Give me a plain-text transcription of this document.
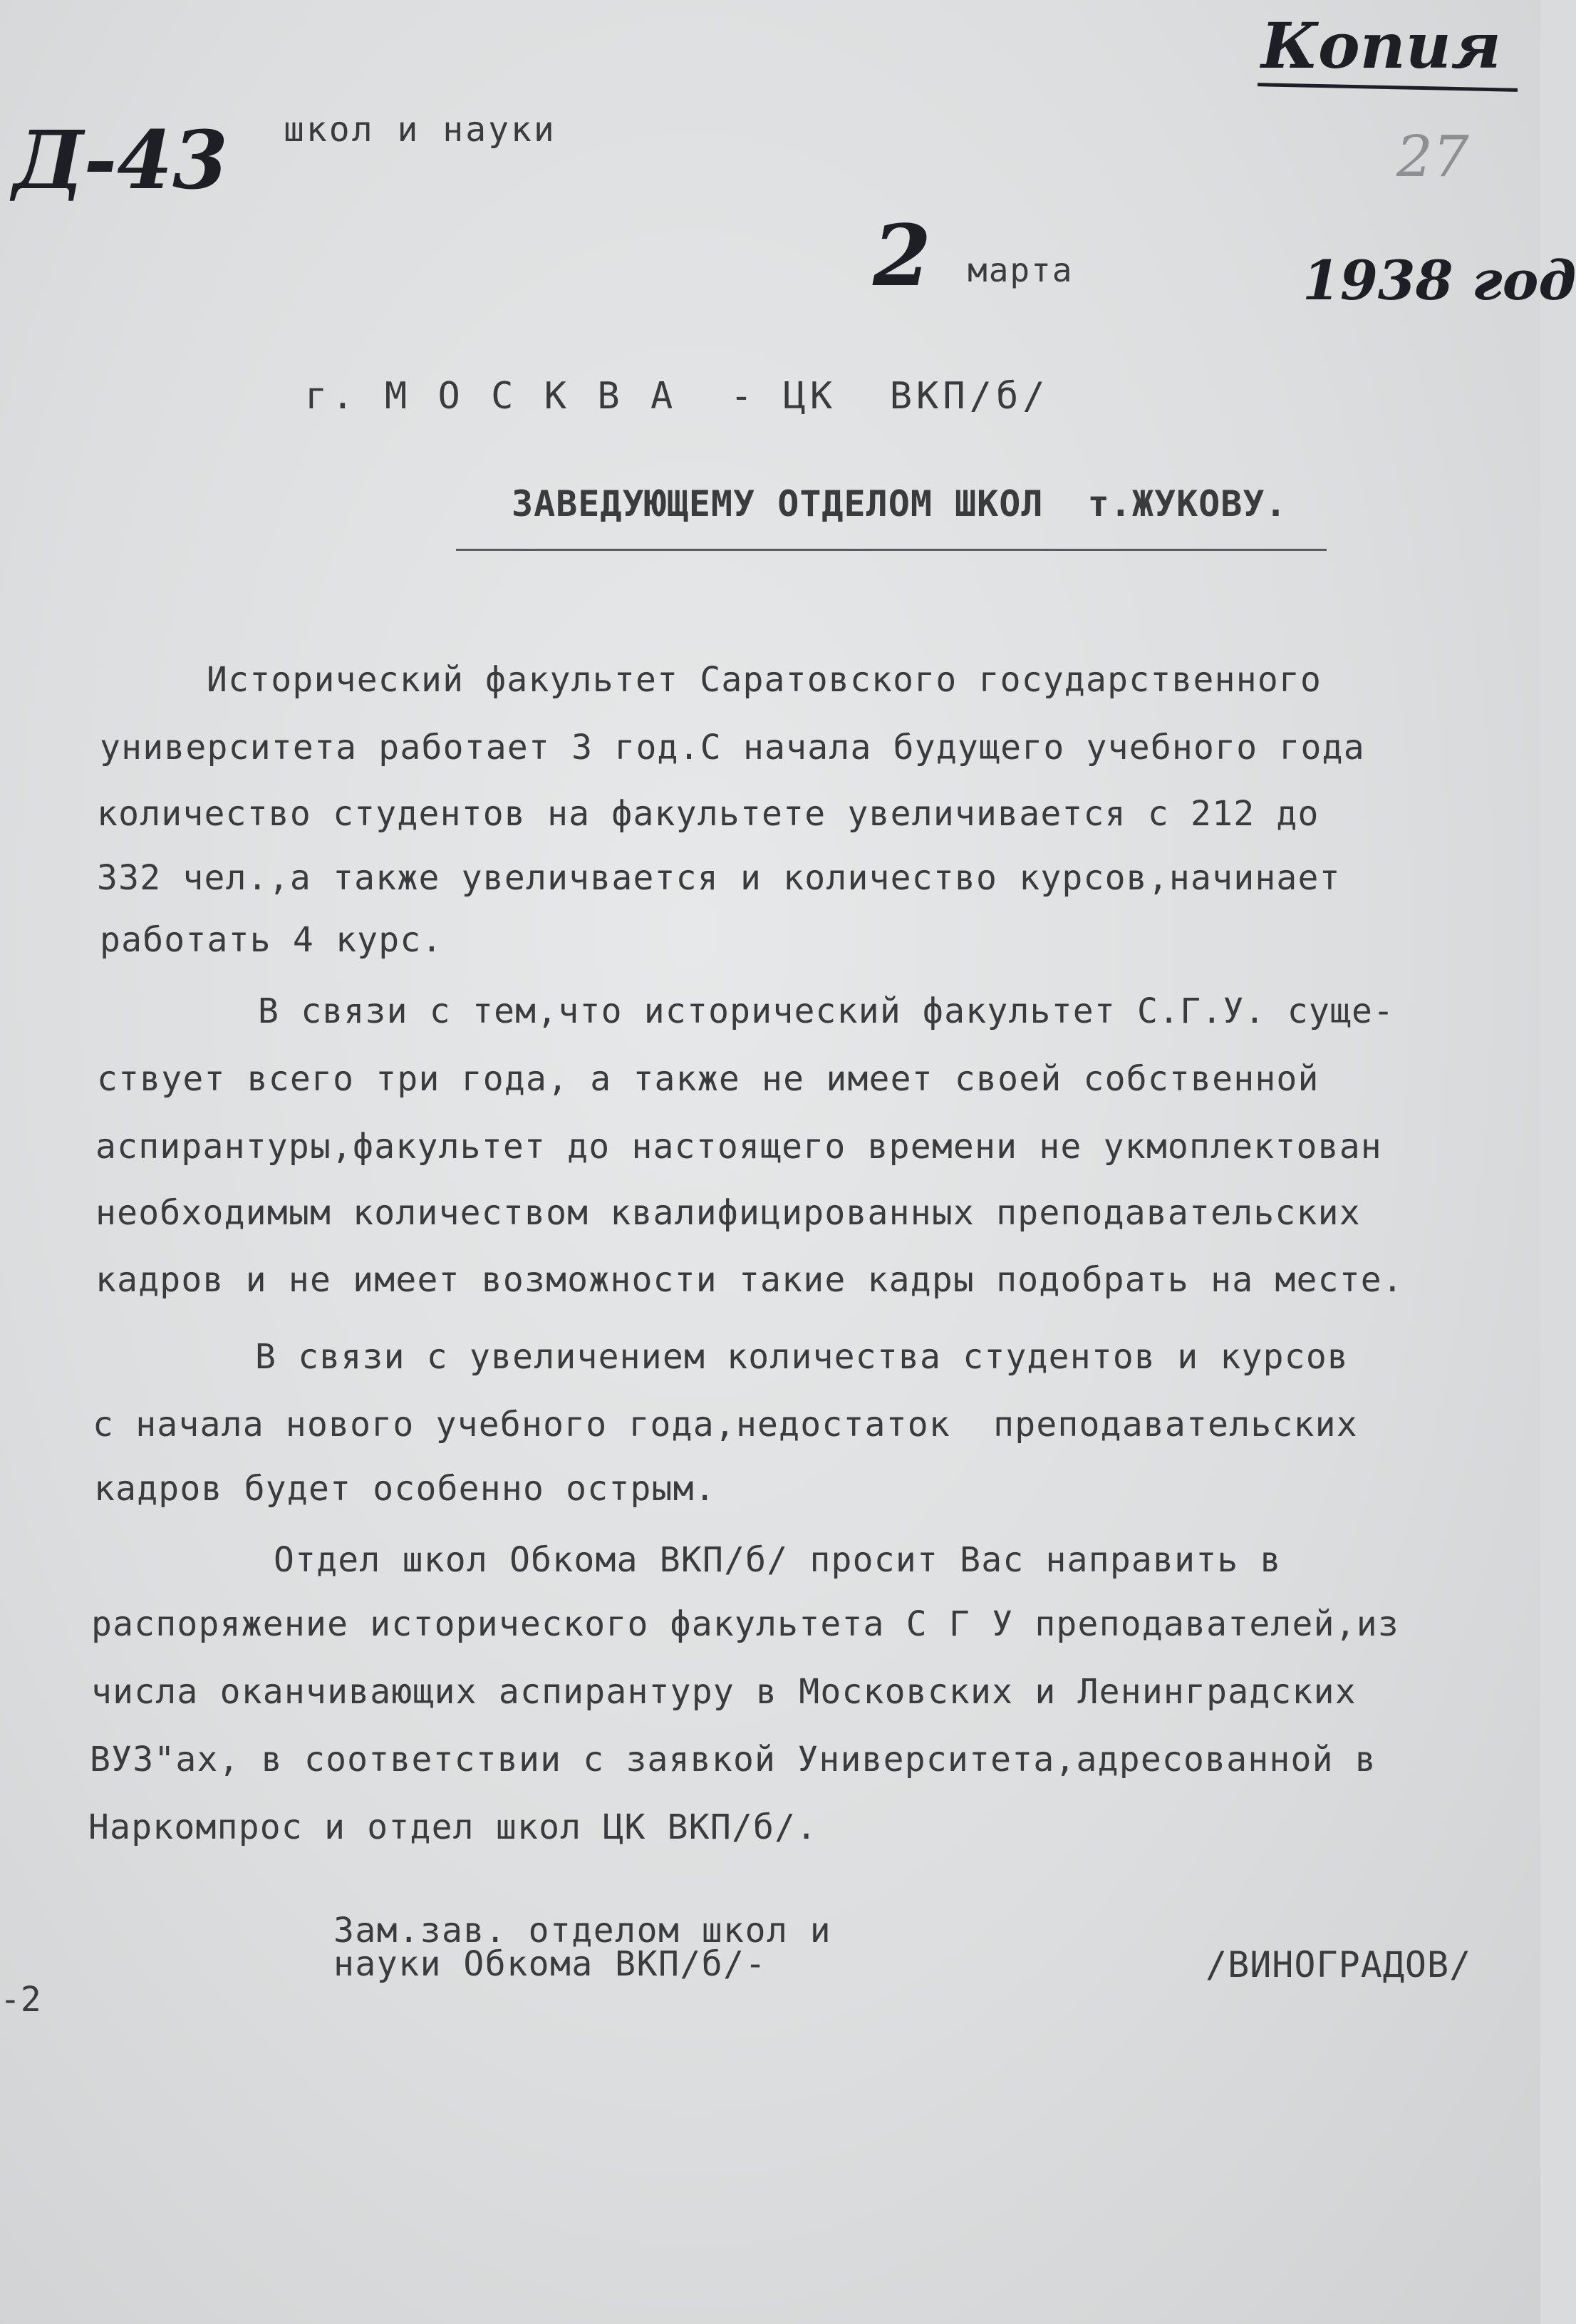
Копия
Д-43	27
школ и науки
2 марта	1938 год
г. М О С К В А  - ЦК  ВКП/б/
ЗАВЕДУЮЩЕМУ ОТДЕЛОМ ШКОЛ  т.ЖУКОВУ.
Исторический факультет Саратовского государственного
университета работает 3 год.С начала будущего учебного года
количество студентов на факультете увеличивается с 212 до
332 чел.,а также увеличвается и количество курсов,начинает
работать 4 курс.
В связи с тем,что исторический факультет С.Г.У. суще-
ствует всего три года, а также не имеет своей собственной
аспирантуры,факультет до настоящего времени не укмоплектован
необходимым количеством квалифицированных преподавательских
кадров и не имеет возможности такие кадры подобрать на месте.
В связи с увеличением количества студентов и курсов
с начала нового учебного года,недостаток  преподавательских
кадров будет особенно острым.
Отдел школ Обкома ВКП/б/ просит Вас направить в
распоряжение исторического факультета С Г У преподавателей,из
числа оканчивающих аспирантуру в Московских и Ленинградских
ВУЗ"ах, в соответствии с заявкой Университета,адресованной в
Наркомпрос и отдел школ ЦК ВКП/б/.
Зам.зав. отделом школ и
науки Обкома ВКП/б/-	/ВИНОГРАДОВ/
-2
